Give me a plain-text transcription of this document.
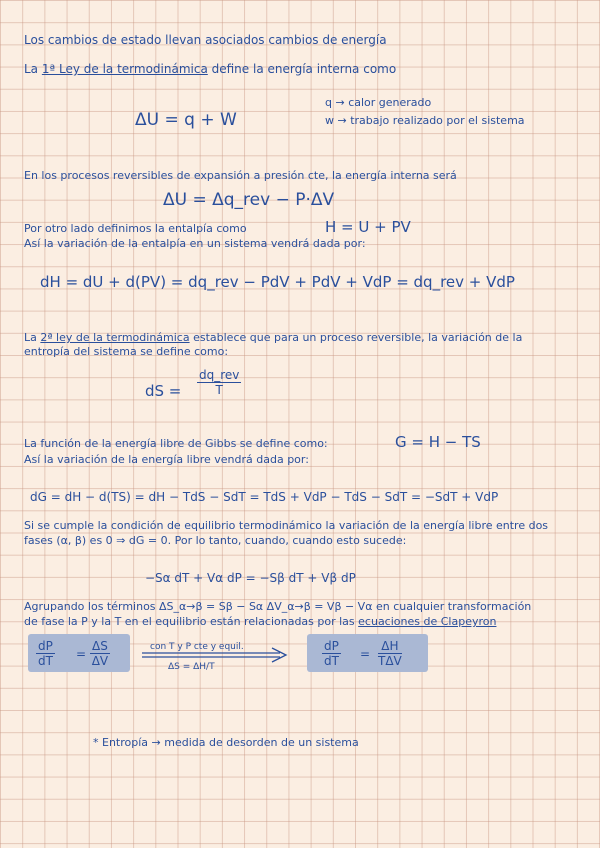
Los cambios de estado llevan asociados cambios de energía
La 1ª Ley de la termodinámica define la energía interna como
ΔU = q + W
q → calor generado
w → trabajo realizado por el sistema
En los procesos reversibles de expansión a presión cte, la energía interna será
ΔU = Δq_rev − P·ΔV
Por otro lado definimos la entalpía como	H = U + PV
Así la variación de la entalpía en un sistema vendrá dada por:
dH = dU + d(PV) = dq_rev − PdV + PdV + VdP = dq_rev + VdP
La 2ª ley de la termodinámica establece que para un proceso reversible, la variación de la
entropía del sistema se define como:
dS =
dq_rev
T
La función de la energía libre de Gibbs se define como:	G = H − TS
Así la variación de la energía libre vendrá dada por:
dG = dH − d(TS) = dH − TdS − SdT = TdS + VdP − TdS − SdT = −SdT + VdP
Si se cumple la condición de equilibrio termodinámico la variación de la energía libre entre dos
fases (α, β) es 0 ⇒ dG = 0. Por lo tanto, cuando, cuando esto sucede:
−Sα dT + Vα dP = −Sβ dT + Vβ dP
Agrupando los términos ΔS_α→β = Sβ − Sα ΔV_α→β = Vβ − Vα en cualquier transformación
de fase la P y la T en el equilibrio están relacionadas por las ecuaciones de Clapeyron
$\frac{dP}{dT} = \frac{\Delta S}{\Delta V}$	con T y P cte y equil.
ΔS = ΔH/T	$\frac{dP}{dT}$ =
ΔH
TΔV
* Entropía → medida de desorden de un sistema
